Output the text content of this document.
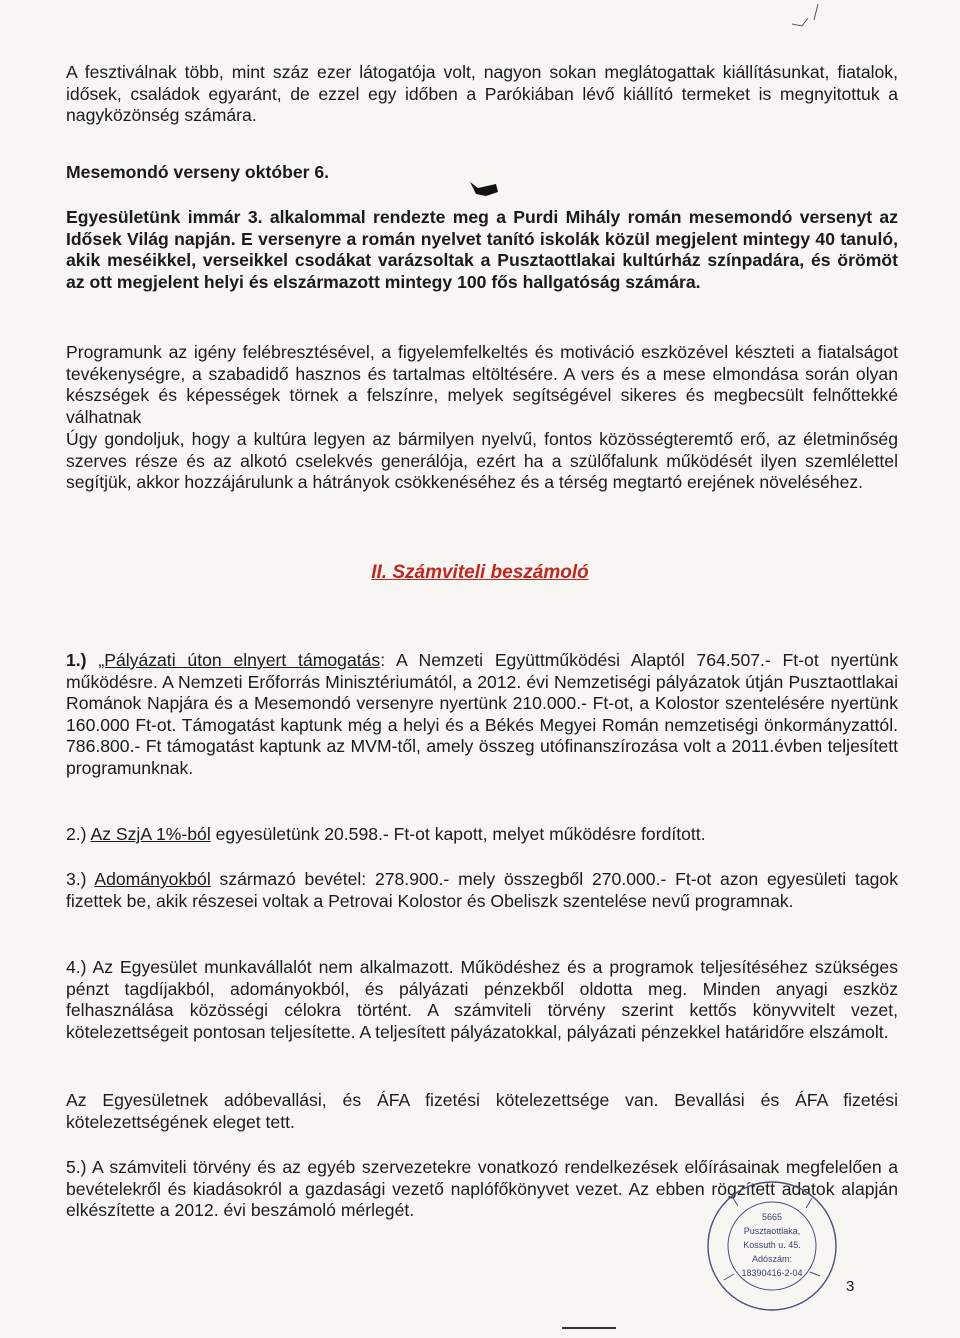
A fesztiválnak több, mint száz ezer látogatója volt, nagyon sokan meglátogattak kiállításunkat, fiatalok, idősek, családok egyaránt, de ezzel egy időben a Parókiában lévő kiállító termeket is megnyitottuk a nagyközönség számára.
Mesemondó verseny október 6.
Egyesületünk immár 3. alkalommal rendezte meg a Purdi Mihály román mesemondó versenyt az Idősek Világ napján. E versenyre a román nyelvet tanító iskolák közül megjelent mintegy 40 tanuló, akik meséikkel, verseikkel csodákat varázsoltak a Pusztaottlakai kultúrház színpadára, és örömöt az ott megjelent helyi és elszármazott mintegy 100 fős hallgatóság számára.
Programunk az igény felébresztésével, a figyelemfelkeltés és motiváció eszközével készteti a fiatalságot tevékenységre, a szabadidő hasznos és tartalmas eltöltésére. A vers és a mese elmondása során olyan készségek és képességek törnek a felszínre, melyek segítségével sikeres és megbecsült felnőttekké válhatnak
Úgy gondoljuk, hogy a kultúra legyen az bármilyen nyelvű, fontos közösségteremtő erő, az életminőség szerves része és az alkotó cselekvés generálója, ezért ha a szülőfalunk működését ilyen szemlélettel segítjük, akkor hozzájárulunk a hátrányok csökkenéséhez és a térség megtartó erejének növeléséhez.
II. Számviteli beszámoló
1.) „Pályázati úton elnyert támogatás: A Nemzeti Együttműködési Alaptól 764.507.- Ft-ot nyertünk működésre. A Nemzeti Erőforrás Minisztériumától, a 2012. évi Nemzetiségi pályázatok útján Pusztaottlakai Románok Napjára és a Mesemondó versenyre nyertünk 210.000.- Ft-ot, a Kolostor szentelésére nyertünk 160.000 Ft-ot. Támogatást kaptunk még a helyi és a Békés Megyei Román nemzetiségi önkormányzattól. 786.800.- Ft támogatást kaptunk az MVM-től, amely összeg utófinanszírozása volt a 2011.évben teljesített programunknak.
2.) Az SzjA 1%-ból egyesületünk 20.598.- Ft-ot kapott, melyet működésre fordított.
3.) Adományokból származó bevétel: 278.900.- mely összegből 270.000.- Ft-ot azon egyesületi tagok fizettek be, akik részesei voltak a Petrovai Kolostor és Obeliszk szentelése nevű programnak.
4.) Az Egyesület munkavállalót nem alkalmazott. Működéshez és a programok teljesítéséhez szükséges pénzt tagdíjakból, adományokból, és pályázati pénzekből oldotta meg. Minden anyagi eszköz felhasználása közösségi célokra történt. A számviteli törvény szerint kettős könyvvitelt vezet, kötelezettségeit pontosan teljesítette. A teljesített pályázatokkal, pályázati pénzekkel határidőre elszámolt.
Az Egyesületnek adóbevallási, és ÁFA fizetési kötelezettsége van. Bevallási és ÁFA fizetési kötelezettségének eleget tett.
5.) A számviteli törvény és az egyéb szervezetekre vonatkozó rendelkezések előírásainak megfelelően a bevételekről és kiadásokról a gazdasági vezető naplófőkönyvet vezet. Az ebben rögzített adatok alapján elkészítette a 2012. évi beszámoló mérlegét.	5665
Pusztaottlaka,
Kossuth u. 45.
Adószám:
18390416-2-04
3
